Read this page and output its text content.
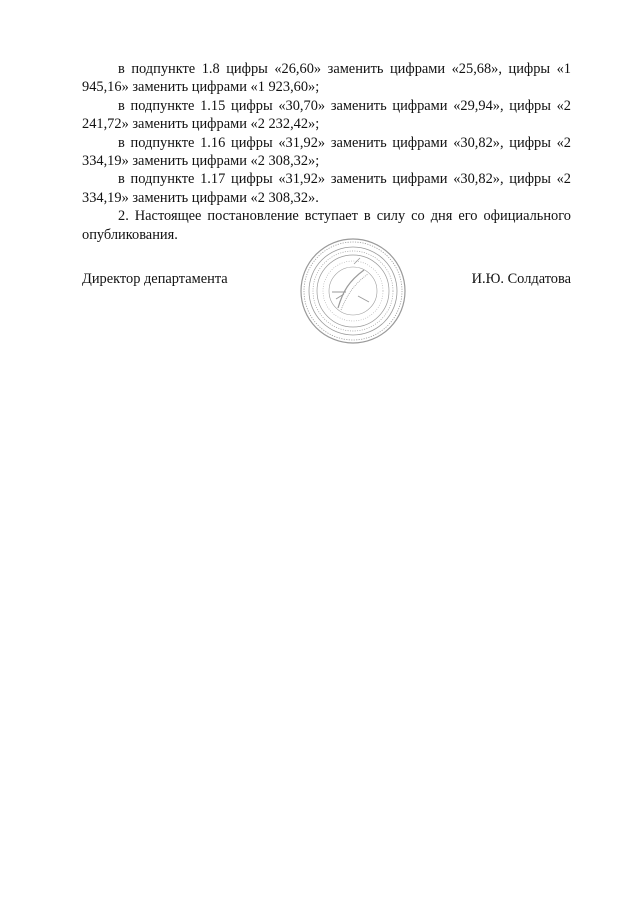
в подпункте 1.8 цифры «26,60» заменить цифрами «25,68», цифры «1 945,16» заменить цифрами «1 923,60»;

в подпункте 1.15 цифры «30,70» заменить цифрами «29,94», цифры «2 241,72» заменить цифрами «2 232,42»;

в подпункте 1.16 цифры «31,92» заменить цифрами «30,82», цифры «2 334,19» заменить цифрами «2 308,32»;

в подпункте 1.17 цифры «31,92» заменить цифрами «30,82», цифры «2 334,19» заменить цифрами «2 308,32».

2. Настоящее постановление вступает в силу со дня его официального опубликования.

Директор департамента	И.Ю. Солдатова
